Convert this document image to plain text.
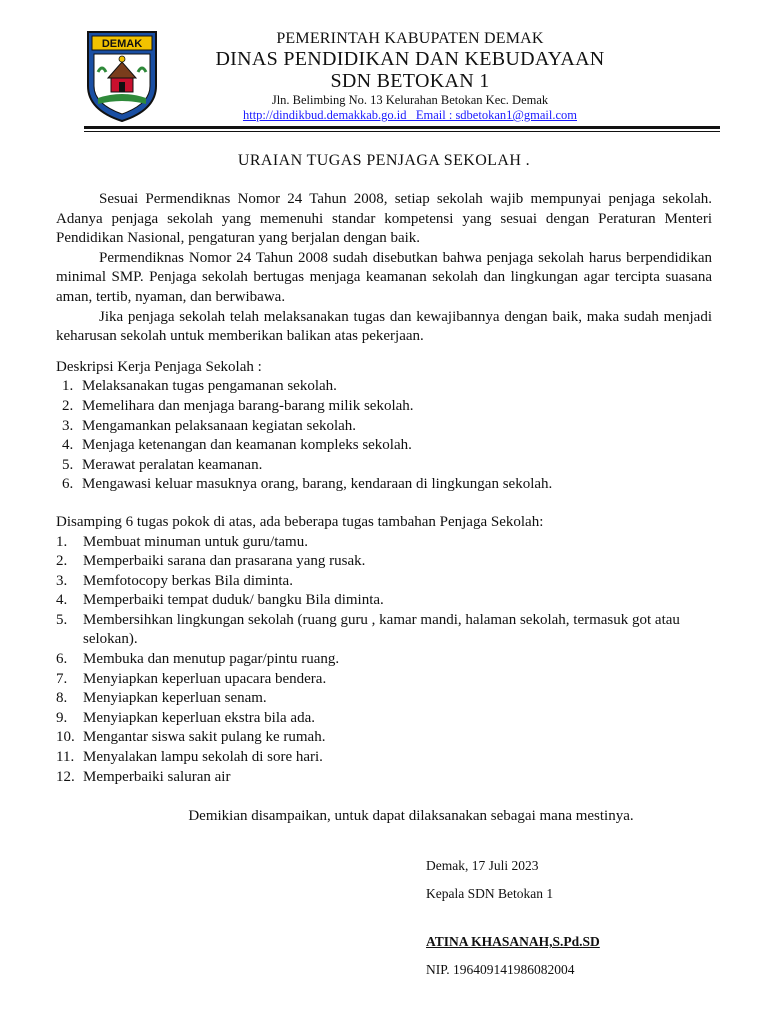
DEMAK	PEMERINTAH KABUPATEN DEMAK
DINAS PENDIDIKAN DAN KEBUDAYAAN
SDN BETOKAN 1
Jln. Belimbing No. 13 Kelurahan Betokan Kec. Demak
http://dindikbud.demakkab.go.id   Email : sdbetokan1@gmail.com
URAIAN TUGAS PENJAGA SEKOLAH .

Sesuai Permendiknas Nomor 24 Tahun 2008, setiap sekolah wajib mempunyai penjaga sekolah. Adanya penjaga sekolah yang memenuhi standar kompetensi yang sesuai dengan Peraturan Menteri Pendidikan Nasional, pengaturan yang berjalan dengan baik.

Permendiknas Nomor 24 Tahun 2008 sudah disebutkan bahwa penjaga sekolah harus berpendidikan minimal SMP. Penjaga sekolah bertugas menjaga keamanan sekolah dan lingkungan agar tercipta suasana aman, tertib, nyaman, dan berwibawa.

Jika penjaga sekolah telah melaksanakan tugas dan kewajibannya dengan baik, maka sudah menjadi keharusan sekolah untuk memberikan balikan atas pekerjaan.

Deskripsi Kerja Penjaga Sekolah :

1. Melaksanakan tugas pengamanan sekolah.
2. Memelihara dan menjaga barang-barang milik sekolah.
3. Mengamankan pelaksanaan kegiatan sekolah.
4. Menjaga ketenangan dan keamanan kompleks sekolah.
5. Merawat peralatan keamanan.
6. Mengawasi keluar masuknya orang, barang, kendaraan di lingkungan sekolah.

Disamping 6 tugas pokok di atas, ada beberapa tugas tambahan Penjaga Sekolah:

1.	Membuat minuman untuk guru/tamu.
2.	Memperbaiki sarana dan prasarana yang rusak.
3.	Memfotocopy berkas Bila diminta.
4.	Memperbaiki tempat duduk/ bangku Bila diminta.
5.	Membersihkan lingkungan sekolah (ruang guru , kamar mandi, halaman sekolah, termasuk got atau selokan).
6.	Membuka dan menutup pagar/pintu ruang.
7.	Menyiapkan keperluan upacara bendera.
8.	Menyiapkan keperluan senam.
9.	Menyiapkan keperluan ekstra bila ada.
10. Mengantar siswa sakit pulang ke rumah.
11. Menyalakan lampu sekolah di sore hari.
12. Memperbaiki saluran air
Demikian disampaikan, untuk dapat dilaksanakan sebagai mana mestinya.
Demak, 17 Juli 2023
Kepala SDN Betokan 1
ATINA KHASANAH,S.Pd.SD
NIP. 196409141986082004
